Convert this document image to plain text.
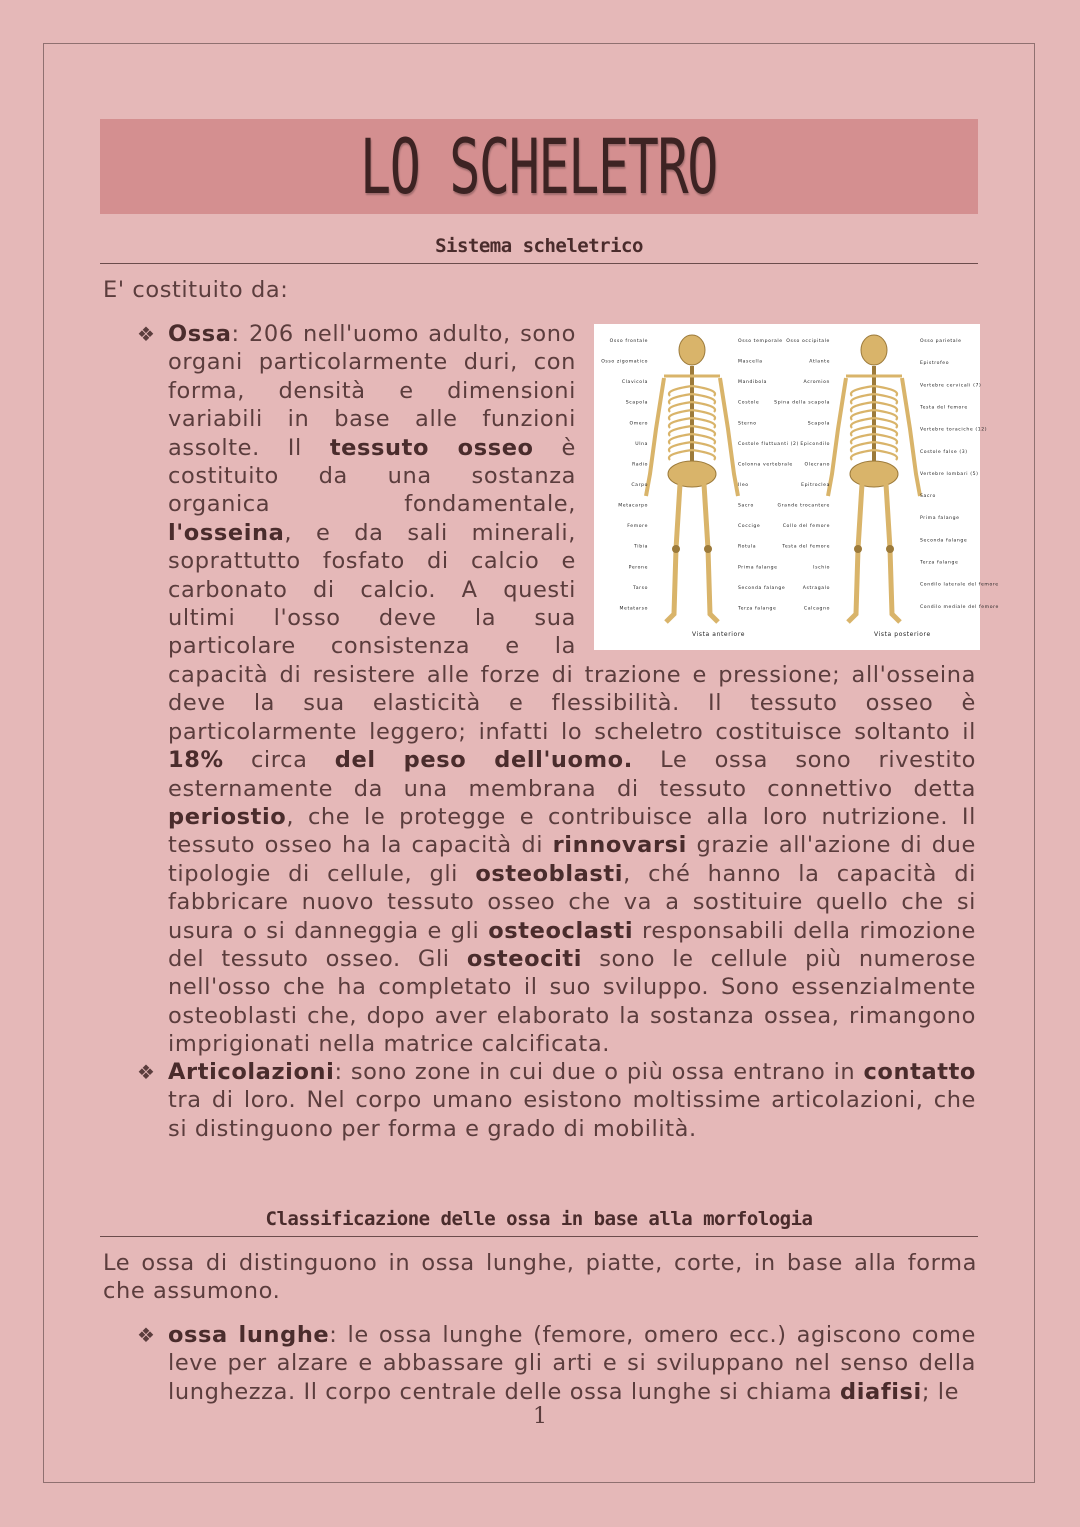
LO SCHELETRO
Sistema scheletrico
E' costituito da:
❖	Osso frontale
Osso zigomatico
Clavicola
Scapola
Omero
Ulna
Radio
Carpo
Metacarpo
Femore
Tibia
Perone
Tarso
Metatarso
Osso temporale
Mascella
Mandibola
Costole
Sterno
Costole fluttuanti (2)
Colonna vertebrale
Ileo
Sacro
Coccige
Rotula
Prima falange
Seconda falange
Terza falange
Osso occipitale
Atlante
Acromion
Spina della scapola
Scapola
Epicondilo
Olecrano
Epitroclea
Grande trocantere
Collo del femore
Testa del femore
Ischio
Astragalo
Calcagno
Osso parietale
Epistrofeo
Vertebre cervicali (7)
Testa del femore
Vertebre toraciche (12)
Costole false (3)
Vertebre lombari (5)
Sacro
Prima falange
Seconda falange
Terza falange
Condilo laterale del femore
Condilo mediale del femore
Vista anteriore	Vista posteriore
Ossa: 206 nell'uomo adulto, sono organi particolarmente duri, con forma, densità e dimensioni variabili in base alle funzioni assolte. Il tessuto osseo è costituito da una sostanza organica fondamentale, l'osseina, e da sali minerali, soprattutto fosfato di calcio e carbonato di calcio. A questi ultimi l'osso deve la sua particolare consistenza e la capacità di resistere alle forze di trazione e pressione; all'osseina deve la sua elasticità e flessibilità. Il tessuto osseo è particolarmente leggero; infatti lo scheletro costituisce soltanto il 18% circa del peso dell'uomo. Le ossa sono rivestito esternamente da una membrana di tessuto connettivo detta periostio, che le protegge e contribuisce alla loro nutrizione. Il tessuto osseo ha la capacità di rinnovarsi grazie all'azione di due tipologie di cellule, gli osteoblasti, ché hanno la capacità di fabbricare nuovo tessuto osseo che va a sostituire quello che si usura o si danneggia e gli osteoclasti responsabili della rimozione del tessuto osseo. Gli osteociti sono le cellule più numerose nell'osso che ha completato il suo sviluppo. Sono essenzialmente osteoblasti che, dopo aver elaborato la sostanza ossea, rimangono imprigionati nella matrice calcificata.
❖ Articolazioni: sono zone in cui due o più ossa entrano in contatto tra di loro. Nel corpo umano esistono moltissime articolazioni, che si distinguono per forma e grado di mobilità.
Classificazione delle ossa in base alla morfologia
Le ossa di distinguono in ossa lunghe, piatte, corte, in base alla forma che assumono.
❖ ossa lunghe: le ossa lunghe (femore, omero ecc.) agiscono come leve per alzare e abbassare gli arti e si sviluppano nel senso della lunghezza. Il corpo centrale delle ossa lunghe si chiama diafisi; le
1
